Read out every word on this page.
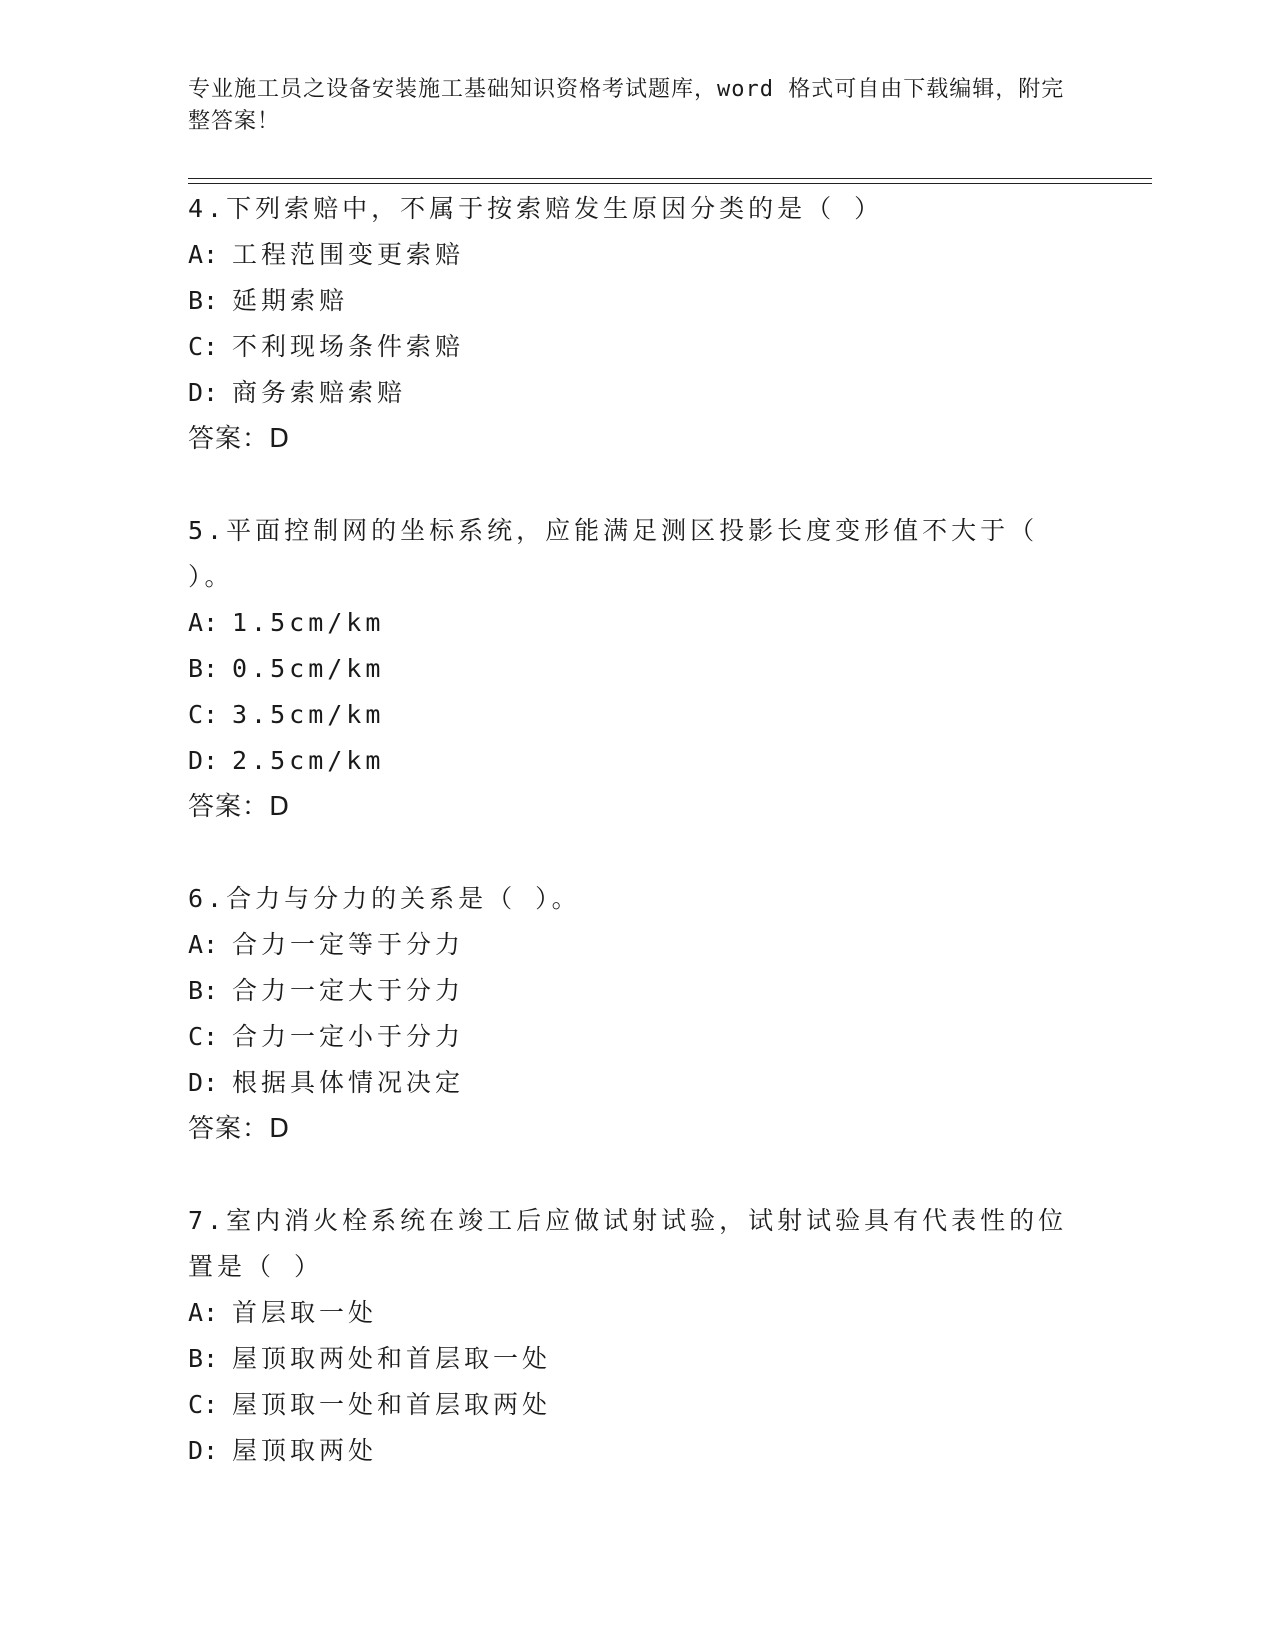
专业施工员之设备安装施工基础知识资格考试题库，word 格式可自由下载编辑，附完整答案！
4.下列索赔中，不属于按索赔发生原因分类的是（ ）
A: 工程范围变更索赔
B: 延期索赔
C: 不利现场条件索赔
D: 商务索赔索赔
答案：D
5.平面控制网的坐标系统，应能满足测区投影长度变形值不大于（ ）。
A: 1.5cm/km
B: 0.5cm/km
C: 3.5cm/km
D: 2.5cm/km
答案：D
6.合力与分力的关系是（ ）。
A: 合力一定等于分力
B: 合力一定大于分力
C: 合力一定小于分力
D: 根据具体情况决定
答案：D
7.室内消火栓系统在竣工后应做试射试验，试射试验具有代表性的位置是（ ）
A: 首层取一处
B: 屋顶取两处和首层取一处
C: 屋顶取一处和首层取两处
D: 屋顶取两处
